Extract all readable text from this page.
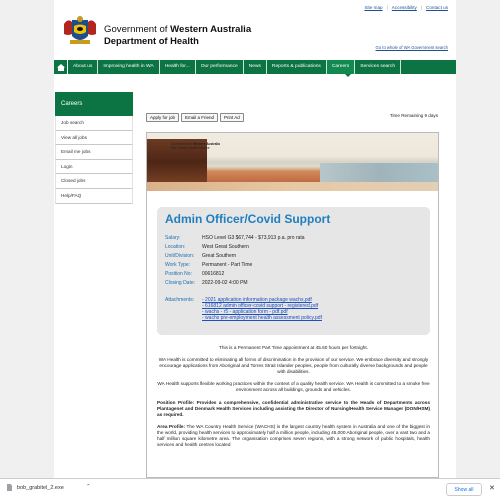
Site map | Accessibility | Contact us
Government of Western Australia
Department of Health
Go to whole of WA Government search
About us	Improving health in WA	Health for...	Our performance	News	Reports & publications	Careers	Services search
Careers
Job search
View all jobs
Email me jobs
Login
Closed jobs
Help/FAQ
Apply for job	Email a Friend	Print Ad	Time Remaining 9 days
Government of Western Australia
WA Country Health Service
Admin Officer/Covid Support
Salary:	HSO Level G3 $67,744 - $73,913 p.a. pro rata
Location:	West Great Southern
Unit/Division:	Great Southern
Work Type:	Permanent - Part Time
Position No:	00616812
Closing Date: 2022-09-02 4:00 PM
Attachments:	- 2021 application information package wachs.pdf
- 616812 admin officer-covid support - registered.pdf
- wachs - r5 - application form - pdf.pdf
- wachs pre-employment health assessment policy.pdf

This is a Permanent Part Time appointment at 45.60 hours per fortnight.

WA Health is committed to eliminating all forms of discrimination in the provision of our service. We embrace diversity and strongly encourage applications from Aboriginal and Torres Strait Islander peoples, people from culturally diverse backgrounds and people with disabilities.

WA Health supports flexible working practices within the context of a quality health service. WA Health is committed to a smoke free environment across all buildings, grounds and vehicles.

Position Profile: Provides a comprehensive, confidential administrative service to the Heads of Departments across Plantagenet and Denmark Health Services including assisting the Director of Nursing/Health Service Manager (DON/HSM) as required.

Area Profile: The WA Country Health Service (WACHS) is the largest country health system in Australia and one of the biggest in the world, providing health services to approximately half a million people, including 45,000 Aboriginal people, over a vast two and a half million square kilometre area. The organisation comprises seven regions, with a strong network of public hospitals, health services and health centres located

bob_grabitel_2.exe	⌃	Show all	✕
